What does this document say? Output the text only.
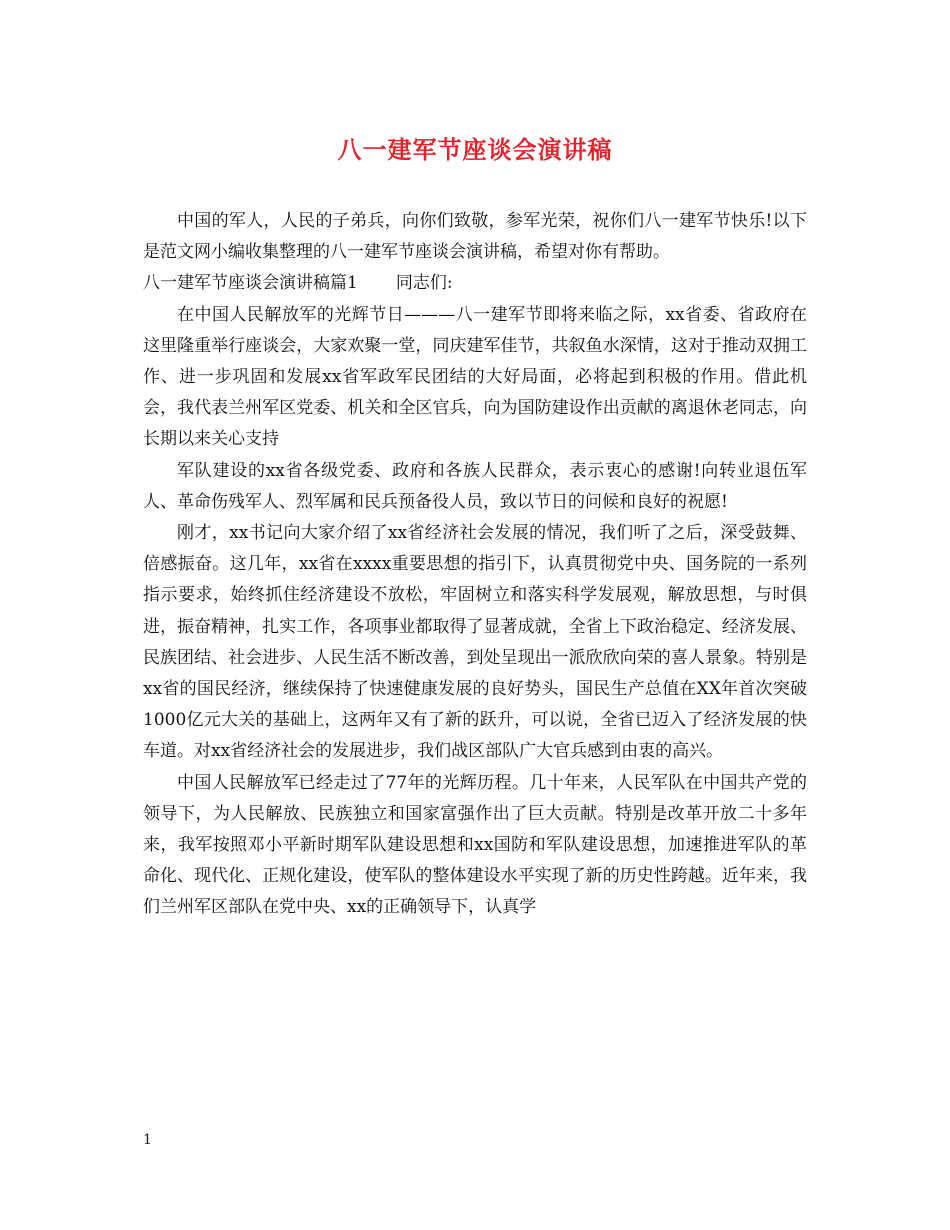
八一建军节座谈会演讲稿

中国的军人，人民的子弟兵，向你们致敬，参军光荣，祝你们八一建军节快乐!以下是范文网小编收集整理的八一建军节座谈会演讲稿，希望对你有帮助。

八一建军节座谈会演讲稿篇1 同志们:

在中国人民解放军的光辉节日———八一建军节即将来临之际，xx省委、省政府在这里隆重举行座谈会，大家欢聚一堂，同庆建军佳节，共叙鱼水深情，这对于推动双拥工作、进一步巩固和发展xx省军政军民团结的大好局面，必将起到积极的作用。借此机会，我代表兰州军区党委、机关和全区官兵，向为国防建设作出贡献的离退休老同志，向长期以来关心支持

军队建设的xx省各级党委、政府和各族人民群众，表示衷心的感谢!向转业退伍军人、革命伤残军人、烈军属和民兵预备役人员，致以节日的问候和良好的祝愿!

刚才，xx书记向大家介绍了xx省经济社会发展的情况，我们听了之后，深受鼓舞、倍感振奋。这几年，xx省在xxxx重要思想的指引下，认真贯彻党中央、国务院的一系列指示要求，始终抓住经济建设不放松，牢固树立和落实科学发展观，解放思想，与时俱进，振奋精神，扎实工作，各项事业都取得了显著成就，全省上下政治稳定、经济发展、民族团结、社会进步、人民生活不断改善，到处呈现出一派欣欣向荣的喜人景象。特别是xx省的国民经济，继续保持了快速健康发展的良好势头，国民生产总值在XX年首次突破1000亿元大关的基础上，这两年又有了新的跃升，可以说，全省已迈入了经济发展的快车道。对xx省经济社会的发展进步，我们战区部队广大官兵感到由衷的高兴。

中国人民解放军已经走过了77年的光辉历程。几十年来，人民军队在中国共产党的领导下，为人民解放、民族独立和国家富强作出了巨大贡献。特别是改革开放二十多年来，我军按照邓小平新时期军队建设思想和xx国防和军队建设思想，加速推进军队的革命化、现代化、正规化建设，使军队的整体建设水平实现了新的历史性跨越。近年来，我们兰州军区部队在党中央、xx的正确领导下，认真学

1
